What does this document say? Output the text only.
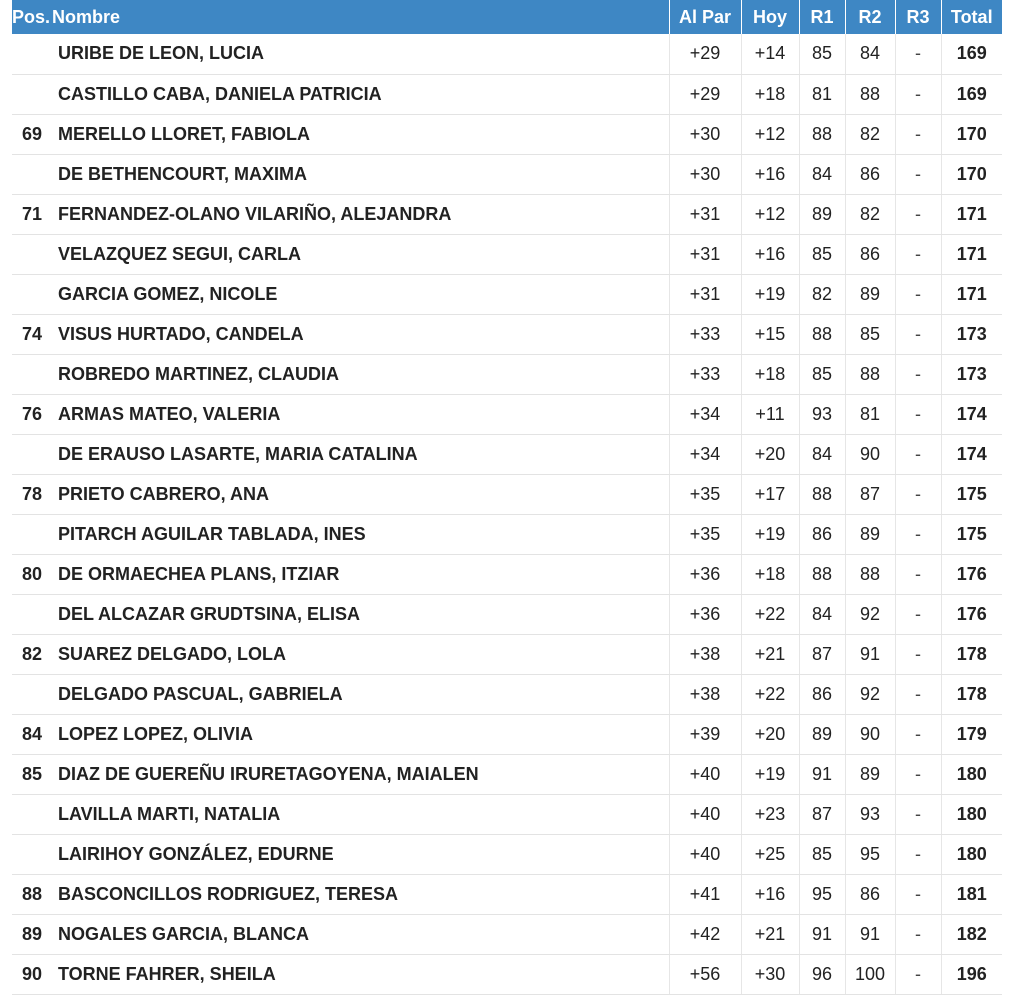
Pos.	Nombre	Al Par	Hoy	R1	R2	R3	Total
	URIBE DE LEON, LUCIA	+29	+14	85	84	-	169
	CASTILLO CABA, DANIELA PATRICIA	+29	+18	81	88	-	169
69	MERELLO LLORET, FABIOLA	+30	+12	88	82	-	170
	DE BETHENCOURT, MAXIMA	+30	+16	84	86	-	170
71	FERNANDEZ-OLANO VILARIÑO, ALEJANDRA	+31	+12	89	82	-	171
	VELAZQUEZ SEGUI, CARLA	+31	+16	85	86	-	171
	GARCIA GOMEZ, NICOLE	+31	+19	82	89	-	171
74	VISUS HURTADO, CANDELA	+33	+15	88	85	-	173
	ROBREDO MARTINEZ, CLAUDIA	+33	+18	85	88	-	173
76	ARMAS MATEO, VALERIA	+34	+11	93	81	-	174
	DE ERAUSO LASARTE, MARIA CATALINA	+34	+20	84	90	-	174
78	PRIETO CABRERO, ANA	+35	+17	88	87	-	175
	PITARCH AGUILAR TABLADA, INES	+35	+19	86	89	-	175
80	DE ORMAECHEA PLANS, ITZIAR	+36	+18	88	88	-	176
	DEL ALCAZAR GRUDTSINA, ELISA	+36	+22	84	92	-	176
82	SUAREZ DELGADO, LOLA	+38	+21	87	91	-	178
	DELGADO PASCUAL, GABRIELA	+38	+22	86	92	-	178
84	LOPEZ LOPEZ, OLIVIA	+39	+20	89	90	-	179
85	DIAZ DE GUEREÑU IRURETAGOYENA, MAIALEN	+40	+19	91	89	-	180
	LAVILLA MARTI, NATALIA	+40	+23	87	93	-	180
	LAIRIHOY GONZÁLEZ, EDURNE	+40	+25	85	95	-	180
88	BASCONCILLOS RODRIGUEZ, TERESA	+41	+16	95	86	-	181
89	NOGALES GARCIA, BLANCA	+42	+21	91	91	-	182
90	TORNE FAHRER, SHEILA	+56	+30	96	100	-	196
